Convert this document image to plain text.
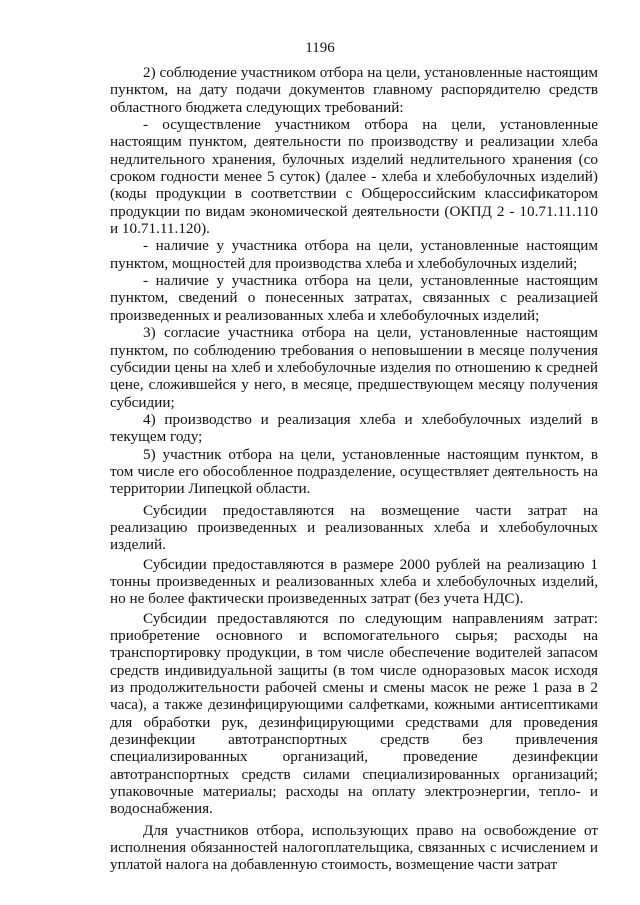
1196

2) соблюдение участником отбора на цели, установленные настоящим пунктом, на дату подачи документов главному распорядителю средств областного бюджета следующих требований:

- осуществление участником отбора на цели, установленные настоящим пунктом, деятельности по производству и реализации хлеба недлительного хранения, булочных изделий недлительного хранения (со сроком годности менее 5 суток) (далее - хлеба и хлебобулочных изделий) (коды продукции в соответствии с Общероссийским классификатором продукции по видам экономической деятельности (ОКПД 2 - 10.71.11.110 и 10.71.11.120).

- наличие у участника отбора на цели, установленные настоящим пунктом, мощностей для производства хлеба и хлебобулочных изделий;

- наличие у участника отбора на цели, установленные настоящим пунктом, сведений о понесенных затратах, связанных с реализацией произведенных и реализованных хлеба и хлебобулочных изделий;

3) согласие участника отбора на цели, установленные настоящим пунктом, по соблюдению требования о неповышении в месяце получения субсидии цены на хлеб и хлебобулочные изделия по отношению к средней цене, сложившейся у него, в месяце, предшествующем месяцу получения субсидии;

4) производство и реализация хлеба и хлебобулочных изделий в текущем году;

5) участник отбора на цели, установленные настоящим пунктом, в том числе его обособленное подразделение, осуществляет деятельность на территории Липецкой области.

Субсидии предоставляются на возмещение части затрат на реализацию произведенных и реализованных хлеба и хлебобулочных изделий.

Субсидии предоставляются в размере 2000 рублей на реализацию 1 тонны произведенных и реализованных хлеба и хлебобулочных изделий, но не более фактически произведенных затрат (без учета НДС).

Субсидии предоставляются по следующим направлениям затрат: приобретение основного и вспомогательного сырья; расходы на транспортировку продукции, в том числе обеспечение водителей запасом средств индивидуальной защиты (в том числе одноразовых масок исходя из продолжительности рабочей смены и смены масок не реже 1 раза в 2 часа), а также дезинфицирующими салфетками, кожными антисептиками для обработки рук, дезинфицирующими средствами для проведения дезинфекции автотранспортных средств без привлечения специализированных организаций, проведение дезинфекции автотранспортных средств силами специализированных организаций; упаковочные материалы; расходы на оплату электроэнергии, тепло- и водоснабжения.

Для участников отбора, использующих право на освобождение от исполнения обязанностей налогоплательщика, связанных с исчислением и уплатой налога на добавленную стоимость, возмещение части затрат
